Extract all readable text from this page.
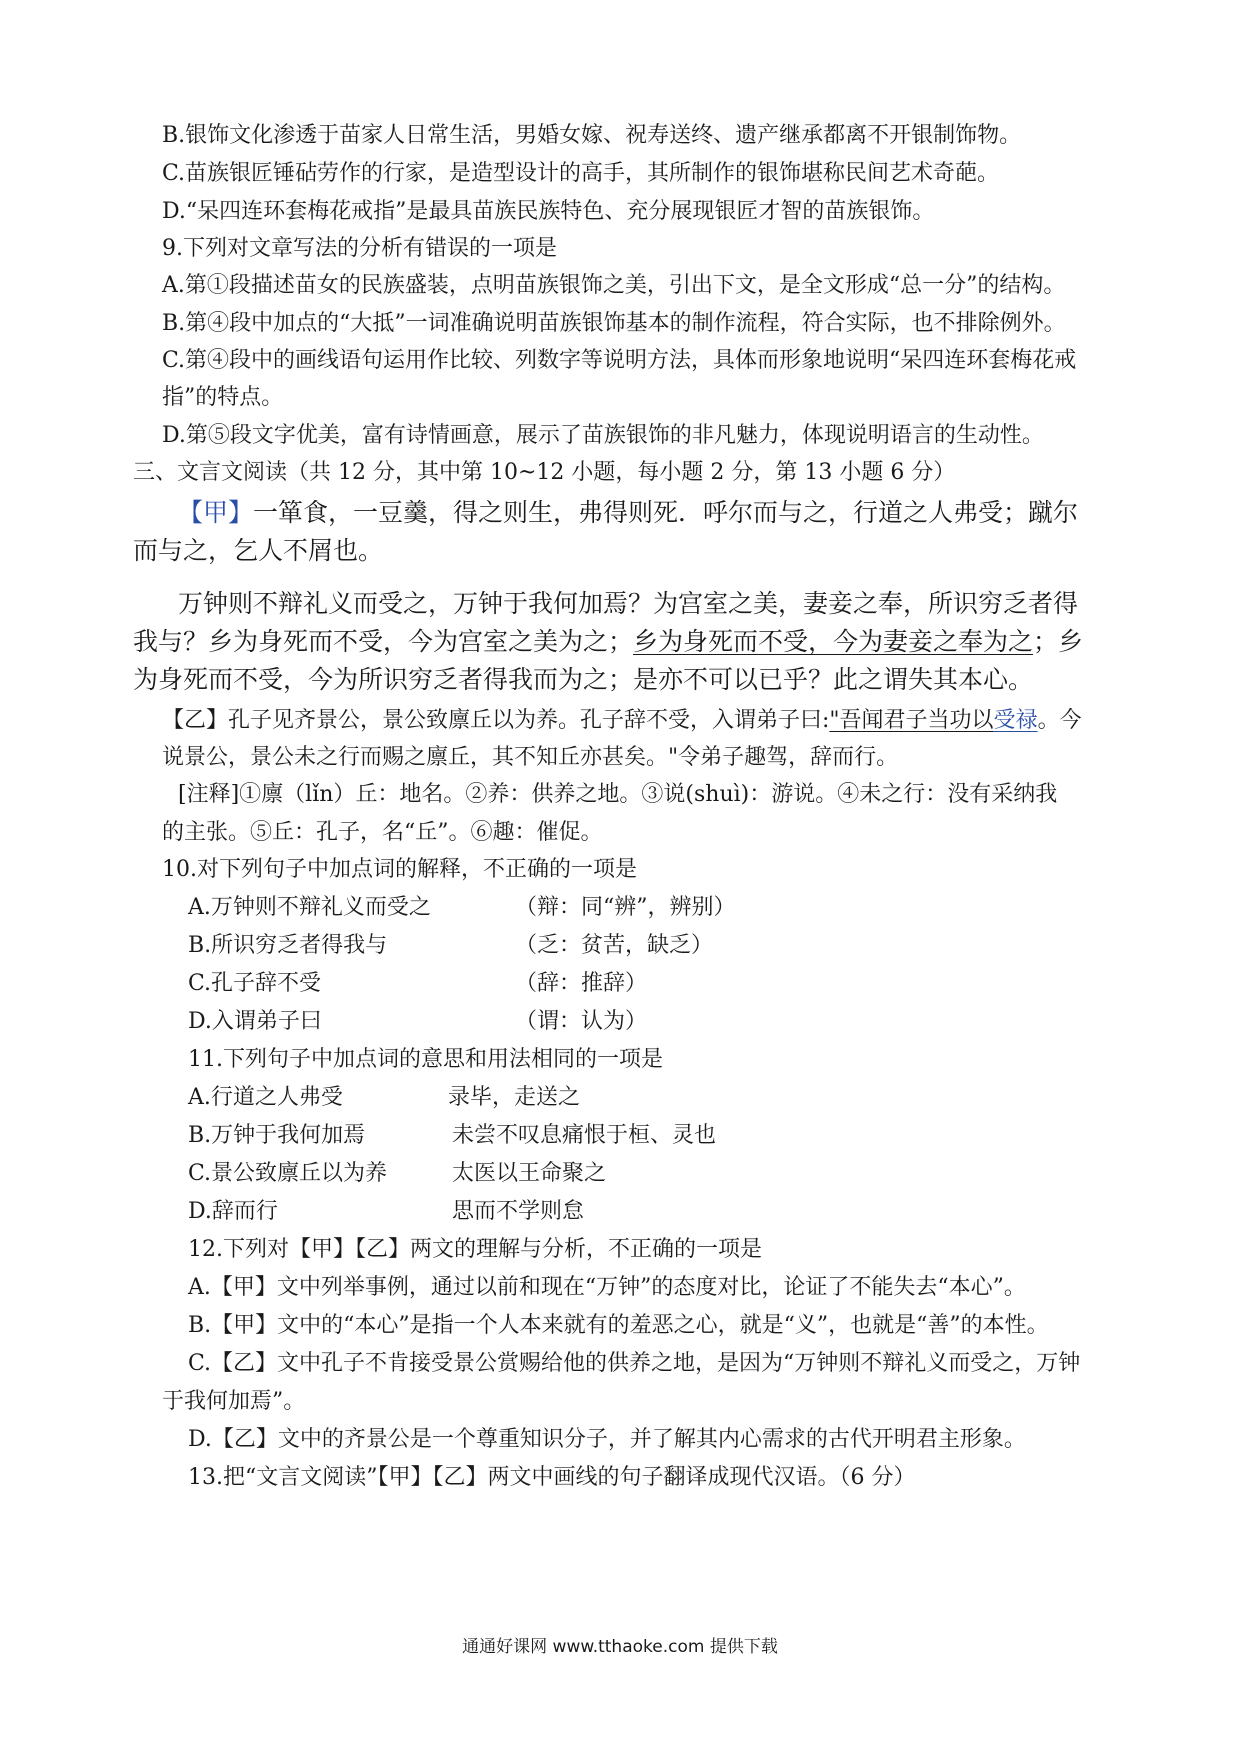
B.银饰文化渗透于苗家人日常生活，男婚女嫁、祝寿送终、遗产继承都离不开银制饰物。
C.苗族银匠锤砧劳作的行家，是造型设计的高手，其所制作的银饰堪称民间艺术奇葩。
D.“呆四连环套梅花戒指”是最具苗族民族特色、充分展现银匠才智的苗族银饰。
9.下列对文章写法的分析有错误的一项是
A.第①段描述苗女的民族盛装，点明苗族银饰之美，引出下文，是全文形成“总一分”的结构。
B.第④段中加点的“大抵”一词准确说明苗族银饰基本的制作流程，符合实际，也不排除例外。
C.第④段中的画线语句运用作比较、列数字等说明方法，具体而形象地说明“呆四连环套梅花戒
指”的特点。
D.第⑤段文字优美，富有诗情画意，展示了苗族银饰的非凡魅力，体现说明语言的生动性。
三、文言文阅读（共 12 分，其中第 10~12 小题，每小题 2 分，第 13 小题 6 分）
【甲】一箪食，一豆羹，得之则生，弗得则死．呼尔而与之，行道之人弗受；蹴尔
而与之，乞人不屑也。
万钟则不辩礼义而受之，万钟于我何加焉？为宫室之美，妻妾之奉，所识穷乏者得
我与？乡为身死而不受，今为宫室之美为之；乡为身死而不受，今为妻妾之奉为之；乡
为身死而不受，今为所识穷乏者得我而为之；是亦不可以已乎？此之谓失其本心。
【乙】孔子见齐景公，景公致廪丘以为养。孔子辞不受，入谓弟子曰:"吾闻君子当功以受禄。今
说景公，景公未之行而赐之廪丘，其不知丘亦甚矣。"令弟子趣驾，辞而行。
[注释]①廪（lǐn）丘：地名。②养：供养之地。③说(shuì)：游说。④未之行：没有采纳我
的主张。⑤丘：孔子，名“丘”。⑥趣：催促。
10.对下列句子中加点词的解释，不正确的一项是
A.万钟则不辩礼义而受之	（辩：同“辨”，辨别）
B.所识穷乏者得我与	（乏：贫苦，缺乏）
C.孔子辞不受	（辞：推辞）
D.入谓弟子曰	（谓：认为）
11.下列句子中加点词的意思和用法相同的一项是
A.行道之人弗受	录毕，走送之
B.万钟于我何加焉	未尝不叹息痛恨于桓、灵也
C.景公致廪丘以为养	太医以王命聚之
D.辞而行	思而不学则怠
12.下列对【甲】【乙】两文的理解与分析，不正确的一项是
A.【甲】文中列举事例，通过以前和现在“万钟”的态度对比，论证了不能失去“本心”。
B.【甲】文中的“本心”是指一个人本来就有的羞恶之心，就是“义”，也就是“善”的本性。
C.【乙】文中孔子不肯接受景公赏赐给他的供养之地，是因为“万钟则不辩礼义而受之，万钟
于我何加焉”。
D.【乙】文中的齐景公是一个尊重知识分子，并了解其内心需求的古代开明君主形象。
13.把“文言文阅读”【甲】【乙】两文中画线的句子翻译成现代汉语。（6 分）
通通好课网 www.tthaoke.com 提供下载
